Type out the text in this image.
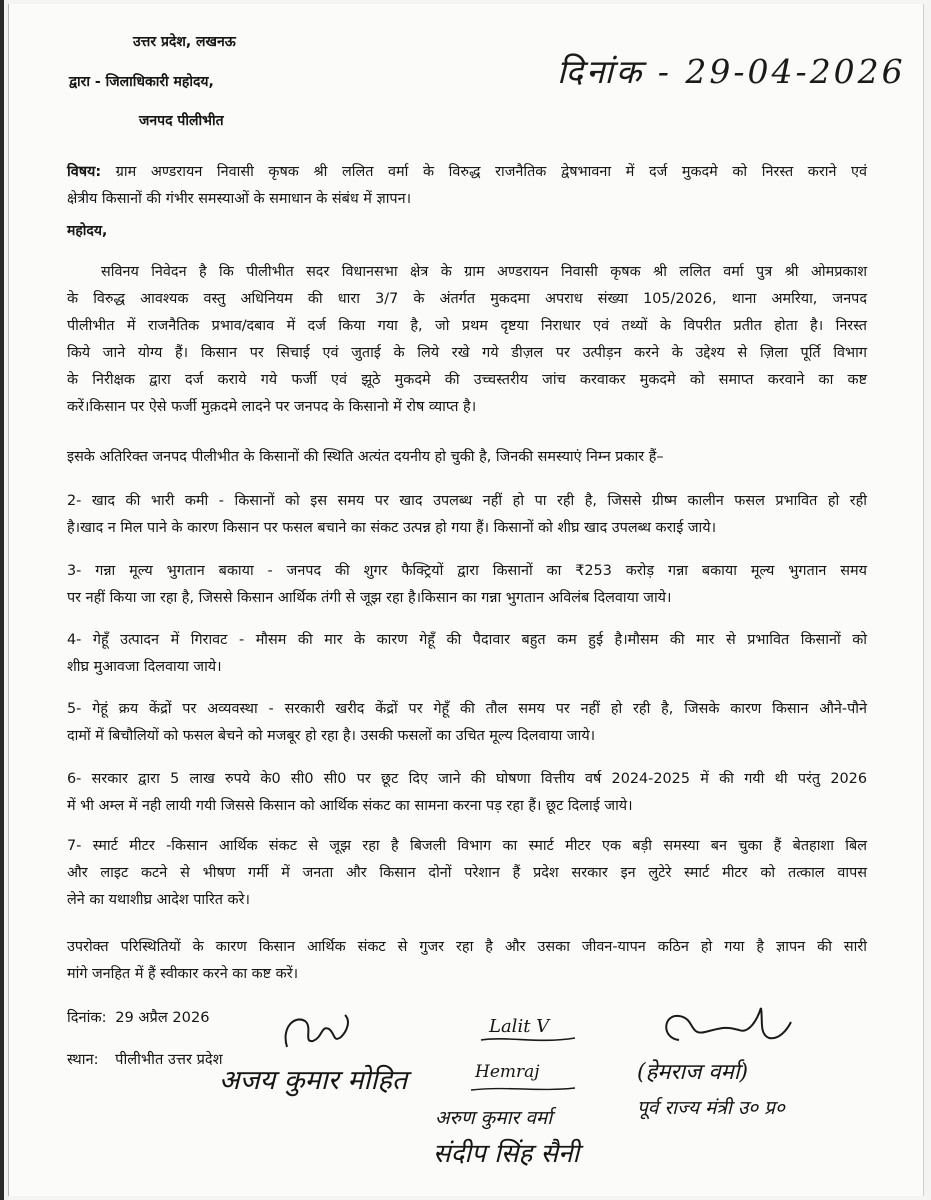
उत्तर प्रदेश, लखनऊ
द्वारा - जिलाधिकारी महोदय,
जनपद पीलीभीत
दिनांक - 29-04-2026
विषय: ग्राम अण्डरायन निवासी कृषक श्री ललित वर्मा के विरुद्ध राजनैतिक द्वेषभावना में दर्ज मुकदमे को निरस्त कराने एवं
क्षेत्रीय किसानों की गंभीर समस्याओं के समाधान के संबंध में ज्ञापन।
महोदय,
सविनय निवेदन है कि पीलीभीत सदर विधानसभा क्षेत्र के ग्राम अण्डरायन निवासी कृषक श्री ललित वर्मा पुत्र श्री ओमप्रकाश
के विरुद्ध आवश्यक वस्तु अधिनियम की धारा 3/7 के अंतर्गत मुकदमा अपराध संख्या 105/2026, थाना अमरिया, जनपद
पीलीभीत में राजनैतिक प्रभाव/दबाव में दर्ज किया गया है, जो प्रथम दृष्टया निराधार एवं तथ्यों के विपरीत प्रतीत होता है। निरस्त
किये जाने योग्य हैं। किसान पर सिचाई एवं जुताई के लिये रखे गये डीज़ल पर उत्पीड़न करने के उद्देश्य से ज़िला पूर्ति विभाग
के निरीक्षक द्वारा दर्ज कराये गये फर्जी एवं झूठे मुकदमे की उच्चस्तरीय जांच करवाकर मुकदमे को समाप्त करवाने का कष्ट
करें।किसान पर ऐसे फर्जी मुक़दमे लादने पर जनपद के किसानो में रोष व्याप्त है।
इसके अतिरिक्त जनपद पीलीभीत के किसानों की स्थिति अत्यंत दयनीय हो चुकी है, जिनकी समस्याएं निम्न प्रकार हैं–
2- खाद की भारी कमी - किसानों को इस समय पर खाद उपलब्ध नहीं हो पा रही है, जिससे ग्रीष्म कालीन फसल प्रभावित हो रही
है।खाद न मिल पाने के कारण किसान पर फसल बचाने का संकट उत्पन्न हो गया हैं। किसानों को शीघ्र खाद उपलब्ध कराई जाये।
3- गन्ना मूल्य भुगतान बकाया - जनपद की शुगर फैक्ट्रियों द्वारा किसानों का ₹253 करोड़ गन्ना बकाया मूल्य भुगतान समय
पर नहीं किया जा रहा है, जिससे किसान आर्थिक तंगी से जूझ रहा है।किसान का गन्ना भुगतान अविलंब दिलवाया जाये।
4- गेहूँ उत्पादन में गिरावट - मौसम की मार के कारण गेहूँ की पैदावार बहुत कम हुई है।मौसम की मार से प्रभावित किसानों को
शीघ्र मुआवजा दिलवाया जाये।
5- गेहूं क्रय केंद्रों पर अव्यवस्था - सरकारी खरीद केंद्रों पर गेहूँ की तौल समय पर नहीं हो रही है, जिसके कारण किसान औने-पौने
दामों में बिचौलियों को फसल बेचने को मजबूर हो रहा है। उसकी फसलों का उचित मूल्य दिलवाया जाये।
6- सरकार द्वारा 5 लाख रुपये के0 सी0 सी0 पर छूट दिए जाने की घोषणा वित्तीय वर्ष 2024-2025 में की गयी थी परंतु 2026
में भी अम्ल में नही लायी गयी जिससे किसान को आर्थिक संकट का सामना करना पड़ रहा हैं। छूट दिलाई जाये।
7- स्मार्ट मीटर -किसान आर्थिक संकट से जूझ रहा है बिजली विभाग का स्मार्ट मीटर एक बड़ी समस्या बन चुका हैं बेतहाशा बिल
और लाइट कटने से भीषण गर्मी में जनता और किसान दोनों परेशान हैं प्रदेश सरकार इन लुटेरे स्मार्ट मीटर को तत्काल वापस
लेने का यथाशीघ्र आदेश पारित करे।
उपरोक्त परिस्थितियों के कारण किसान आर्थिक संकट से गुजर रहा है और उसका जीवन-यापन कठिन हो गया है ज्ञापन की सारी
मांगे जनहित में हैं स्वीकार करने का कष्ट करें।
दिनांक: 29 अप्रैल 2026
स्थान: पीलीभीत उत्तर प्रदेश
अजय कुमार मोहित
Lalit V
Hemraj	(हेमराज वर्मा)
पूर्व राज्य मंत्री उ० प्र०
अरुण कुमार वर्मा
संदीप सिंह सैनी
